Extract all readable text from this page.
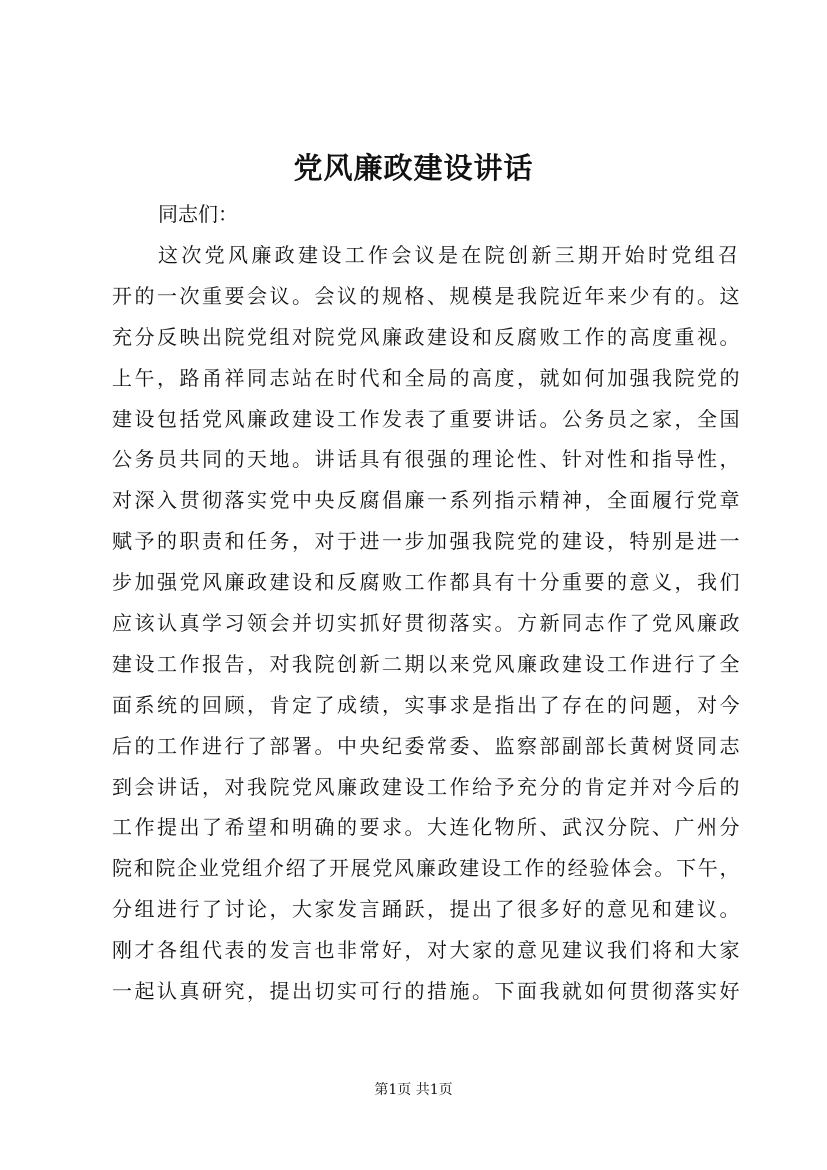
党风廉政建设讲话

同志们：

这次党风廉政建设工作会议是在院创新三期开始时党组召
开的一次重要会议。会议的规格、规模是我院近年来少有的。这
充分反映出院党组对院党风廉政建设和反腐败工作的高度重视。
上午，路甬祥同志站在时代和全局的高度，就如何加强我院党的
建设包括党风廉政建设工作发表了重要讲话。公务员之家，全国
公务员共同的天地。讲话具有很强的理论性、针对性和指导性，
对深入贯彻落实党中央反腐倡廉一系列指示精神，全面履行党章
赋予的职责和任务，对于进一步加强我院党的建设，特别是进一
步加强党风廉政建设和反腐败工作都具有十分重要的意义，我们
应该认真学习领会并切实抓好贯彻落实。方新同志作了党风廉政
建设工作报告，对我院创新二期以来党风廉政建设工作进行了全
面系统的回顾，肯定了成绩，实事求是指出了存在的问题，对今
后的工作进行了部署。中央纪委常委、监察部副部长黄树贤同志
到会讲话，对我院党风廉政建设工作给予充分的肯定并对今后的
工作提出了希望和明确的要求。大连化物所、武汉分院、广州分
院和院企业党组介绍了开展党风廉政建设工作的经验体会。下午，
分组进行了讨论，大家发言踊跃，提出了很多好的意见和建议。
刚才各组代表的发言也非常好，对大家的意见建议我们将和大家
一起认真研究，提出切实可行的措施。下面我就如何贯彻落实好

第1页 共1页
